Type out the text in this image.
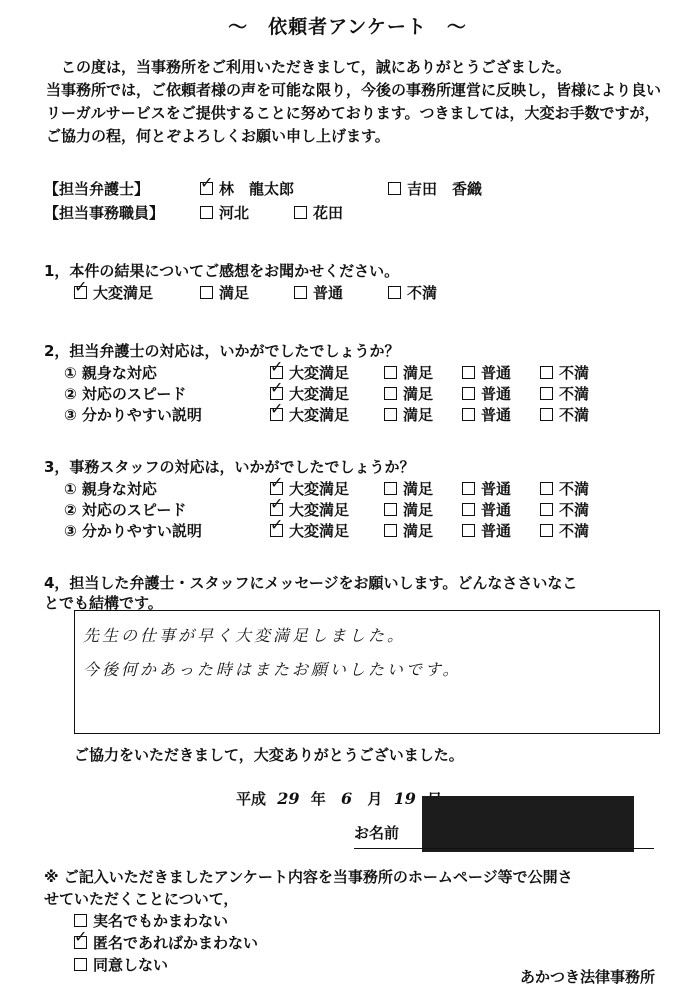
～　依頼者アンケート　～

　この度は，当事務所をご利用いただきまして，誠にありがとうござました。

当事務所では，ご依頼者様の声を可能な限り，今後の事務所運営に反映し，皆様により良いリーガルサービスをご提供することに努めております。つきましては，大変お手数ですが，ご協力の程，何とぞよろしくお願い申し上げます。

【担当弁護士】 ✓	林　龍太郎	吉田　香織
【担当事務職員】	河北	花田
1，本件の結果についてご感想をお聞かせください。
✓大変満足	満足	普通	不満
2，担当弁護士の対応は，いかがでしたでしょうか？
① 親身な対応 ✓	大変満足	満足	普通	不満
② 対応のスピード ✓	大変満足	満足	普通	不満
③ 分かりやすい説明 ✓	大変満足	満足	普通	不満
3，事務スタッフの対応は，いかがでしたでしょうか？
① 親身な対応 ✓	大変満足	満足	普通	不満
② 対応のスピード ✓	大変満足	満足	普通	不満
③ 分かりやすい説明 ✓	大変満足	満足	普通	不満
4，担当した弁護士・スタッフにメッセージをお願いします。どんなささいなこ
とでも結構です。
先生の仕事が早く大変満足しました。
今後何かあった時はまたお願いしたいです。
ご協力をいただきまして，大変ありがとうございました。
平成 29 年 6 月 19
お名前
※ ご記入いただきましたアンケート内容を当事務所のホームページ等で公開さ
せていただくことについて，
実名でもかまわない
✓匿名であればかまわない
同意しない
あかつき法律事務所
